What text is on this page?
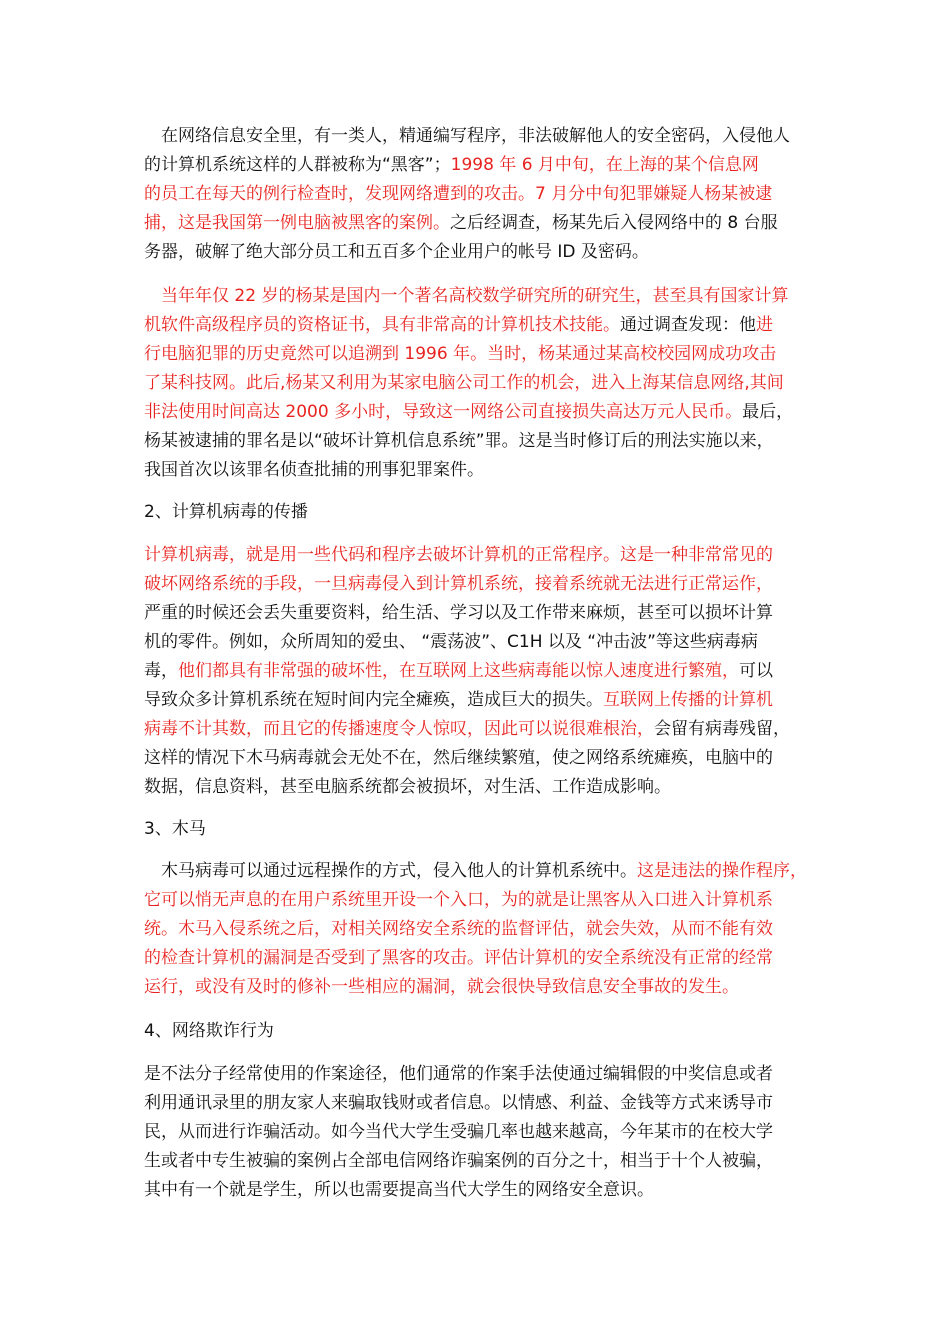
　在网络信息安全里，有一类人，精通编写程序，非法破解他人的安全密码，入侵他人
的计算机系统这样的人群被称为“黑客”；1998 年 6 月中旬，在上海的某个信息网
的员工在每天的例行检查时，发现网络遭到的攻击。7 月分中旬犯罪嫌疑人杨某被逮
捕，这是我国第一例电脑被黑客的案例。之后经调查，杨某先后入侵网络中的 8 台服
务器，破解了绝大部分员工和五百多个企业用户的帐号 ID 及密码。
　当年年仅 22 岁的杨某是国内一个著名高校数学研究所的研究生，甚至具有国家计算
机软件高级程序员的资格证书，具有非常高的计算机技术技能。通过调查发现：他进
行电脑犯罪的历史竟然可以追溯到 1996 年。当时，杨某通过某高校校园网成功攻击
了某科技网。此后,杨某又利用为某家电脑公司工作的机会，进入上海某信息网络,其间
非法使用时间高达 2000 多小时，导致这一网络公司直接损失高达万元人民币。最后，
杨某被逮捕的罪名是以“破坏计算机信息系统”罪。这是当时修订后的刑法实施以来，
我国首次以该罪名侦查批捕的刑事犯罪案件。
2、计算机病毒的传播
计算机病毒，就是用一些代码和程序去破坏计算机的正常程序。这是一种非常常见的
破坏网络系统的手段，一旦病毒侵入到计算机系统，接着系统就无法进行正常运作，
严重的时候还会丢失重要资料，给生活、学习以及工作带来麻烦，甚至可以损坏计算
机的零件。例如，众所周知的爱虫、 “震荡波”、C1H 以及 “冲击波”等这些病毒病
毒，他们都具有非常强的破坏性，在互联网上这些病毒能以惊人速度进行繁殖，可以
导致众多计算机系统在短时间内完全瘫痪，造成巨大的损失。互联网上传播的计算机
病毒不计其数，而且它的传播速度令人惊叹，因此可以说很难根治，会留有病毒残留，
这样的情况下木马病毒就会无处不在，然后继续繁殖，使之网络系统瘫痪，电脑中的
数据，信息资料，甚至电脑系统都会被损坏，对生活、工作造成影响。
3、木马
　木马病毒可以通过远程操作的方式，侵入他人的计算机系统中。这是违法的操作程序，
它可以悄无声息的在用户系统里开设一个入口，为的就是让黑客从入口进入计算机系
统。木马入侵系统之后，对相关网络安全系统的监督评估，就会失效，从而不能有效
的检查计算机的漏洞是否受到了黑客的攻击。评估计算机的安全系统没有正常的经常
运行，或没有及时的修补一些相应的漏洞，就会很快导致信息安全事故的发生。
4、网络欺诈行为
是不法分子经常使用的作案途径，他们通常的作案手法使通过编辑假的中奖信息或者
利用通讯录里的朋友家人来骗取钱财或者信息。以情感、利益、金钱等方式来诱导市
民，从而进行诈骗活动。如今当代大学生受骗几率也越来越高，今年某市的在校大学
生或者中专生被骗的案例占全部电信网络诈骗案例的百分之十，相当于十个人被骗，
其中有一个就是学生，所以也需要提高当代大学生的网络安全意识。
